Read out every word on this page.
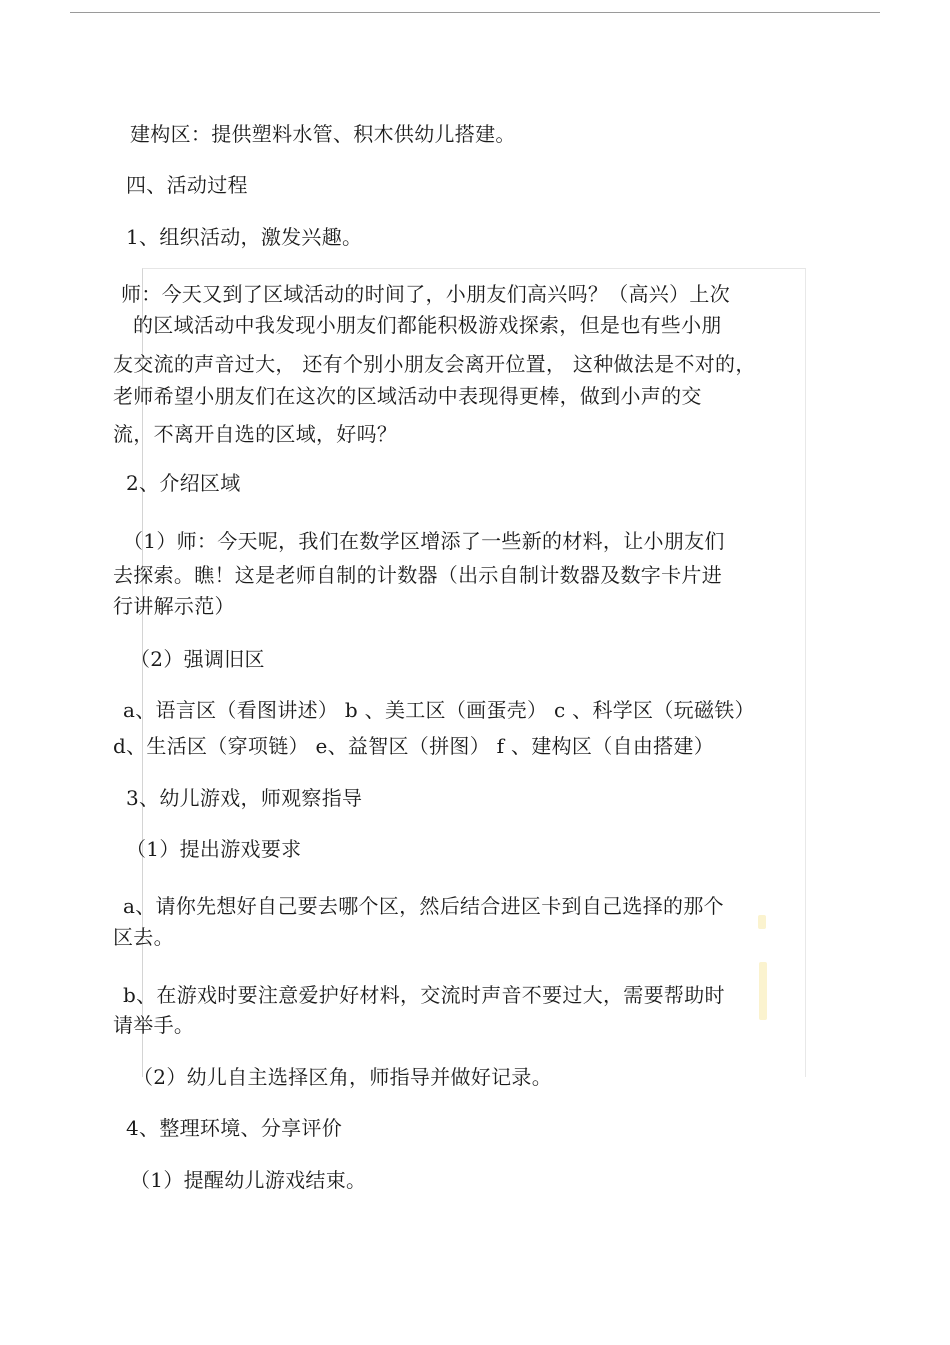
建构区：提供塑料水管、积木供幼儿搭建。

四、活动过程

1、组织活动，激发兴趣。

师：今天又到了区域活动的时间了，小朋友们高兴吗？（高兴）上次

的区域活动中我发现小朋友们都能积极游戏探索，但是也有些小朋

友交流的声音过大， 还有个别小朋友会离开位置， 这种做法是不对的，

老师希望小朋友们在这次的区域活动中表现得更棒，做到小声的交

流，不离开自选的区域，好吗？

2、介绍区域

（1）师：今天呢，我们在数学区增添了一些新的材料，让小朋友们

去探索。瞧！这是老师自制的计数器（出示自制计数器及数字卡片进

行讲解示范）

（2）强调旧区

a、语言区（看图讲述） b 、美工区（画蛋壳） c 、科学区（玩磁铁）

d、生活区（穿项链） e、益智区（拼图） f 、建构区（自由搭建）

3、幼儿游戏，师观察指导

（1）提出游戏要求

a、请你先想好自己要去哪个区，然后结合进区卡到自己选择的那个

区去。

b、在游戏时要注意爱护好材料，交流时声音不要过大，需要帮助时

请举手。

（2）幼儿自主选择区角，师指导并做好记录。

4、整理环境、分享评价

（1）提醒幼儿游戏结束。
